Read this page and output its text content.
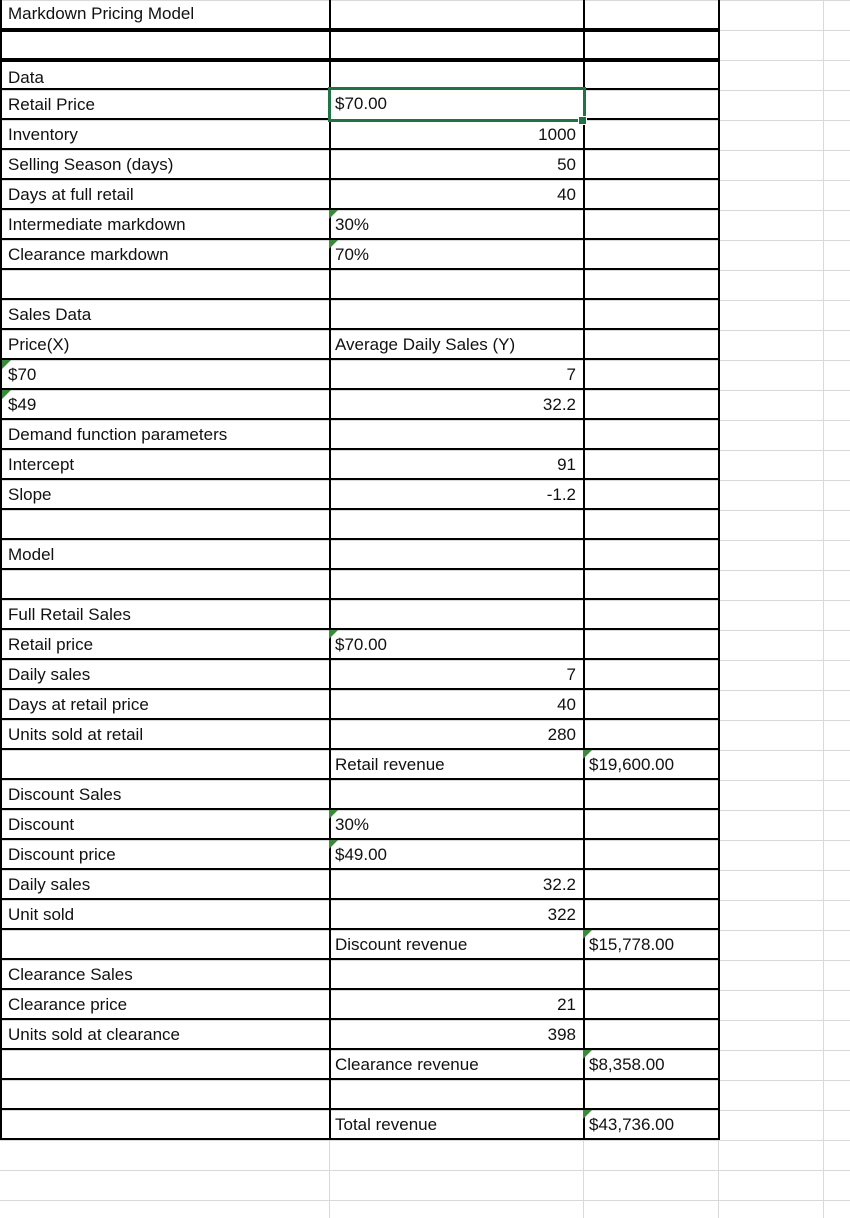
Markdown Pricing Model
Data
Retail Price
Inventory
Selling Season (days)
Days at full retail
Intermediate markdown
Clearance markdown
Sales Data
Price(X)
$70
$49
Demand function parameters
Intercept
Slope
Model
Full Retail Sales
Retail price
Daily sales
Days at retail price
Units sold at retail
Discount Sales
Discount
Discount price
Daily sales
Unit sold
Clearance Sales
Clearance price
Units sold at clearance
$70.00
1000
50
40
30%
70%
Average Daily Sales (Y)
7
32.2
91
-1.2
$70.00
7
40
280
Retail revenue
30%
$49.00
32.2
322
Discount revenue
21
398
Clearance revenue
Total revenue
$19,600.00
$15,778.00
$8,358.00
$43,736.00
